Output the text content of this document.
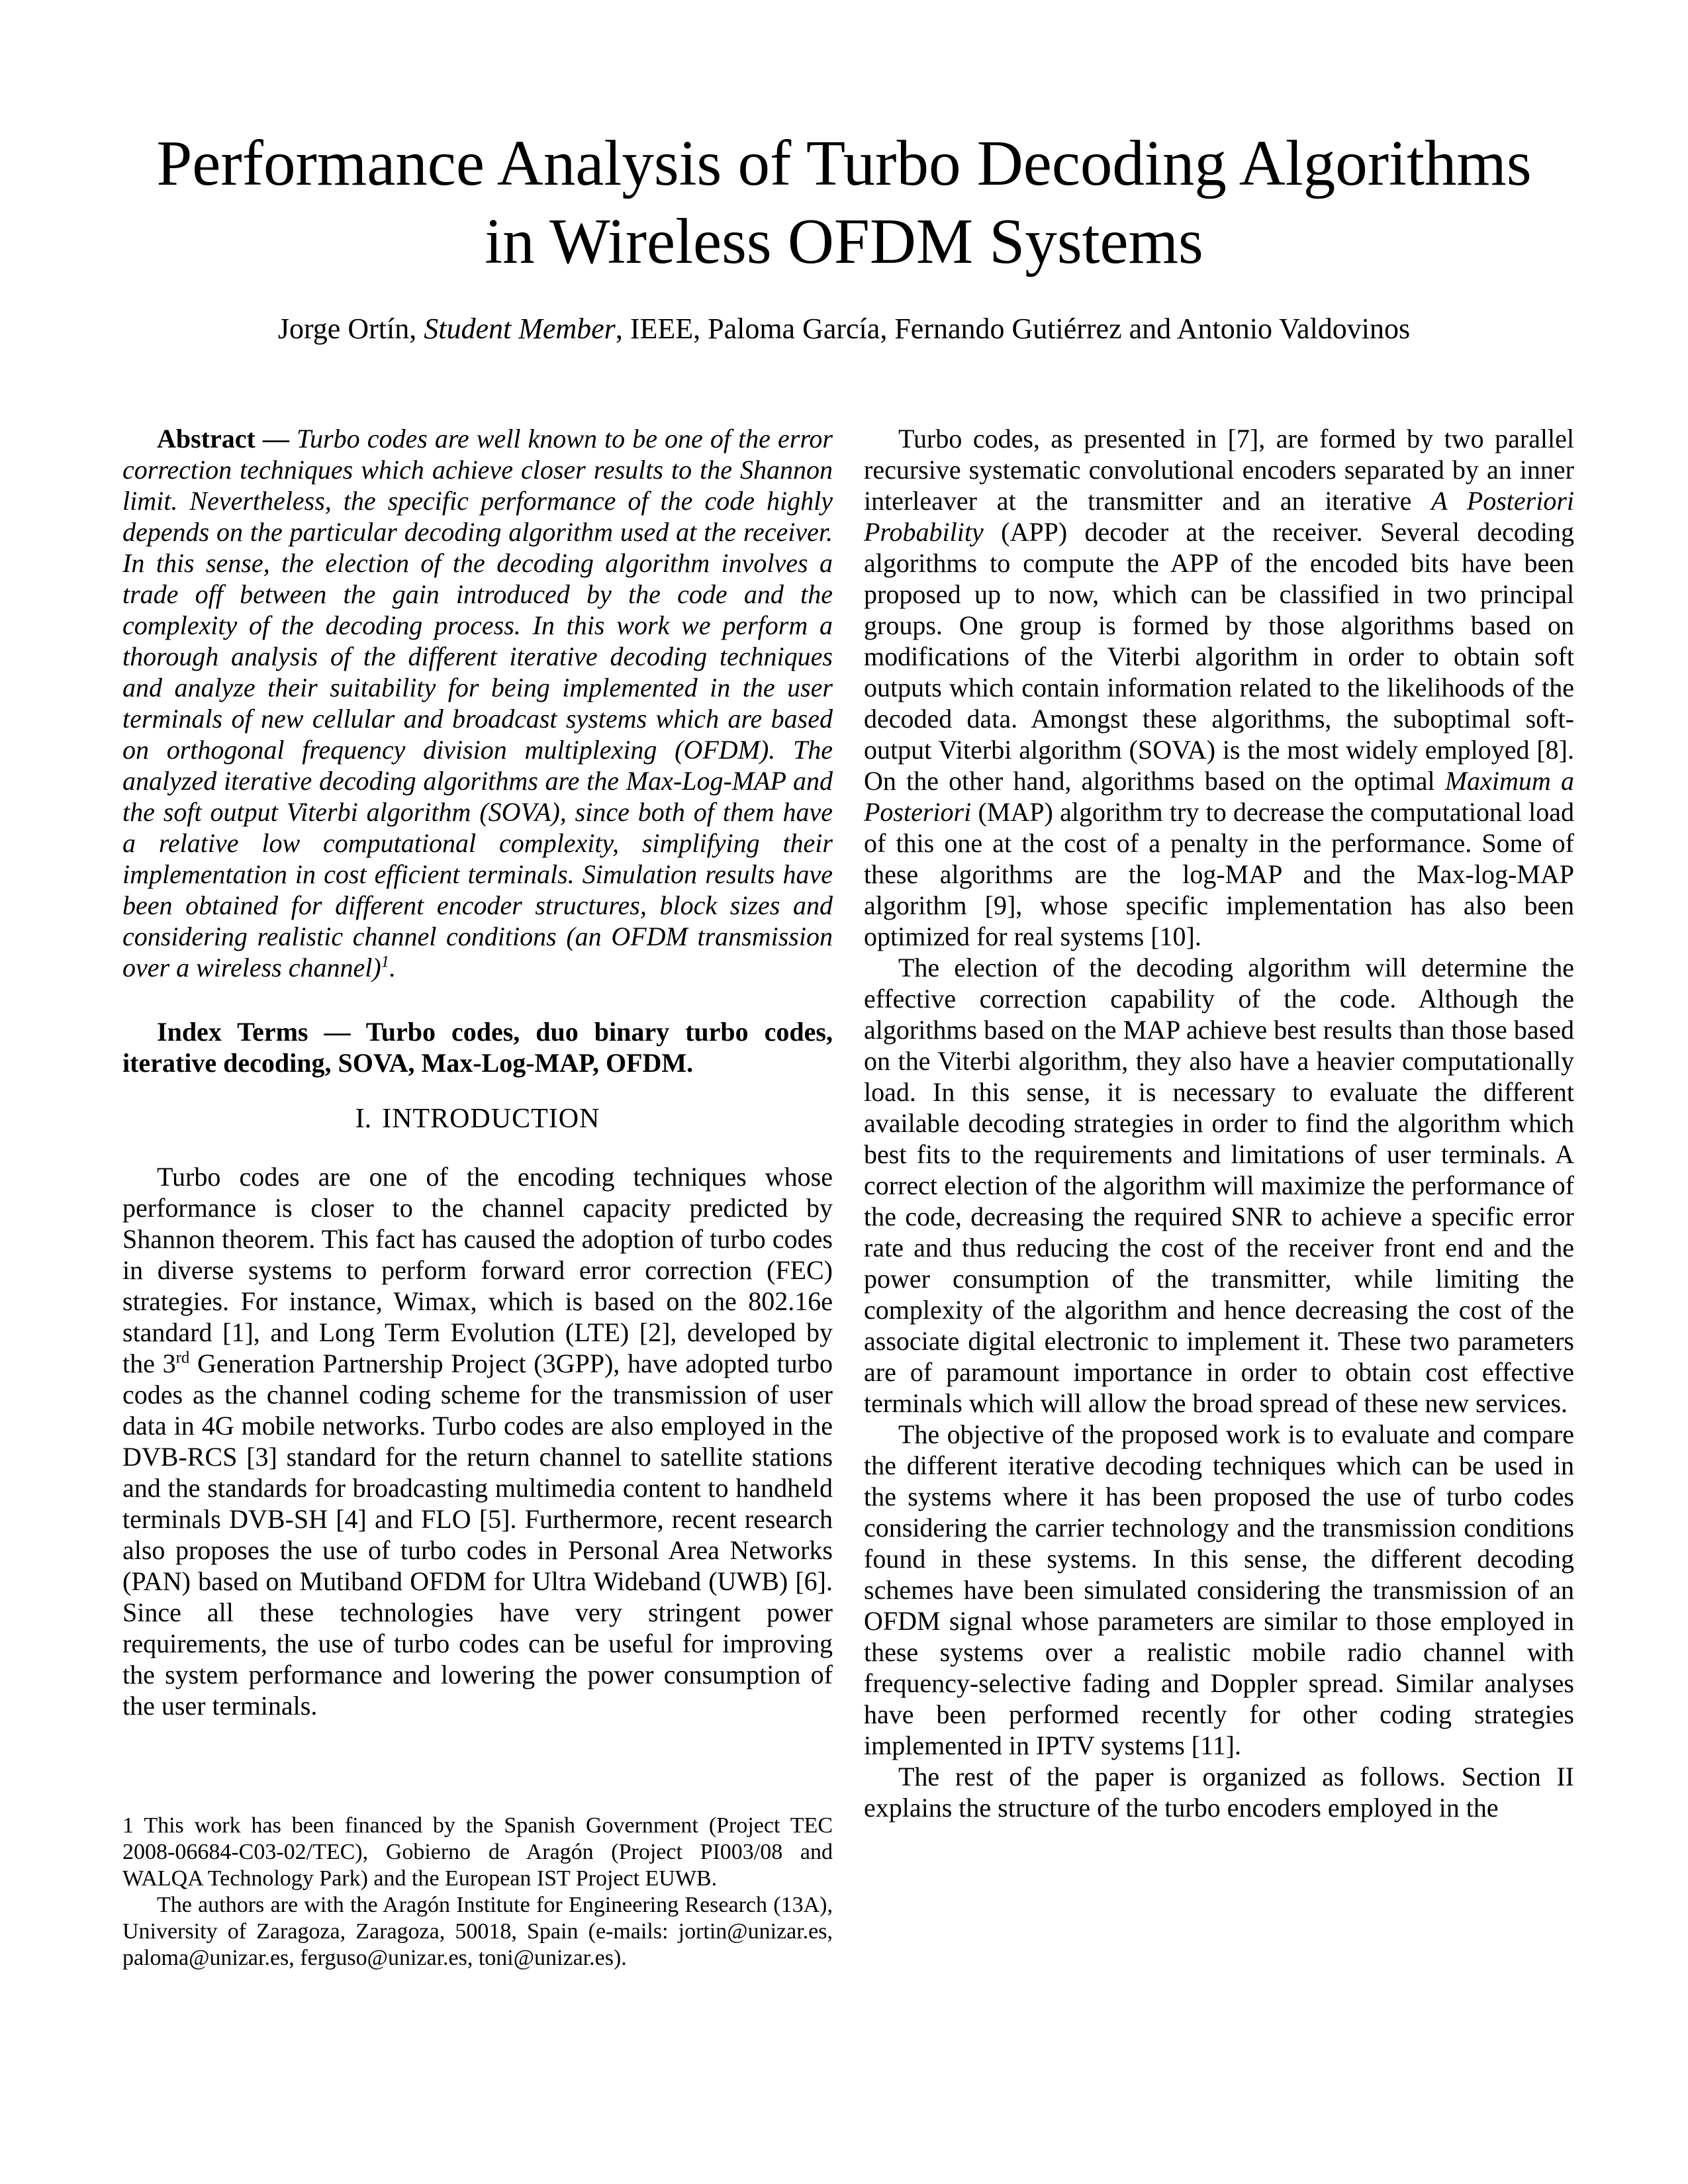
Performance Analysis of Turbo Decoding Algorithms
in Wireless OFDM Systems
Jorge Ortín, Student Member, IEEE, Paloma García, Fernando Gutiérrez and Antonio Valdovinos

Abstract — Turbo codes are well known to be one of the error correction techniques which achieve closer results to the Shannon limit. Nevertheless, the specific performance of the code highly depends on the particular decoding algorithm used at the receiver. In this sense, the election of the decoding algorithm involves a trade off between the gain introduced by the code and the complexity of the decoding process. In this work we perform a thorough analysis of the different iterative decoding techniques and analyze their suitability for being implemented in the user terminals of new cellular and broadcast systems which are based on orthogonal frequency division multiplexing (OFDM). The analyzed iterative decoding algorithms are the Max-Log-MAP and the soft output Viterbi algorithm (SOVA), since both of them have a relative low computational complexity, simplifying their implementation in cost efficient terminals. Simulation results have been obtained for different encoder structures, block sizes and considering realistic channel conditions (an OFDM transmission over a wireless channel)$^1$.

Index Terms — Turbo codes, duo binary turbo codes, iterative decoding, SOVA, Max-Log-MAP, OFDM.

I. INTRODUCTION

Turbo codes are one of the encoding techniques whose performance is closer to the channel capacity predicted by Shannon theorem. This fact has caused the adoption of turbo codes in diverse systems to perform forward error correction (FEC) strategies. For instance, Wimax, which is based on the 802.16e standard [1], and Long Term Evolution (LTE) [2], developed by the 3rd Generation Partnership Project (3GPP), have adopted turbo codes as the channel coding scheme for the transmission of user data in 4G mobile networks. Turbo codes are also employed in the DVB-RCS [3] standard for the return channel to satellite stations and the standards for broadcasting multimedia content to handheld terminals DVB-SH [4] and FLO [5]. Furthermore, recent research also proposes the use of turbo codes in Personal Area Networks (PAN) based on Mutiband OFDM for Ultra Wideband (UWB) [6]. Since all these technologies have very stringent power requirements, the use of turbo codes can be useful for improving the system performance and lowering the power consumption of the user terminals.

1 This work has been financed by the Spanish Government (Project TEC 2008-06684-C03-02/TEC), Gobierno de Aragón (Project PI003/08 and WALQA Technology Park) and the European IST Project EUWB.

The authors are with the Aragón Institute for Engineering Research (13A), University of Zaragoza, Zaragoza, 50018, Spain (e-mails: jortin@unizar.es, paloma@unizar.es, ferguso@unizar.es, toni@unizar.es).

Turbo codes, as presented in [7], are formed by two parallel recursive systematic convolutional encoders separated by an inner interleaver at the transmitter and an iterative A Posteriori Probability (APP) decoder at the receiver. Several decoding algorithms to compute the APP of the encoded bits have been proposed up to now, which can be classified in two principal groups. One group is formed by those algorithms based on modifications of the Viterbi algorithm in order to obtain soft outputs which contain information related to the likelihoods of the decoded data. Amongst these algorithms, the suboptimal soft-output Viterbi algorithm (SOVA) is the most widely employed [8]. On the other hand, algorithms based on the optimal Maximum a Posteriori (MAP) algorithm try to decrease the computational load of this one at the cost of a penalty in the performance. Some of these algorithms are the log-MAP and the Max-log-MAP algorithm [9], whose specific implementation has also been optimized for real systems [10].

The election of the decoding algorithm will determine the effective correction capability of the code. Although the algorithms based on the MAP achieve best results than those based on the Viterbi algorithm, they also have a heavier computationally load. In this sense, it is necessary to evaluate the different available decoding strategies in order to find the algorithm which best fits to the requirements and limitations of user terminals. A correct election of the algorithm will maximize the performance of the code, decreasing the required SNR to achieve a specific error rate and thus reducing the cost of the receiver front end and the power consumption of the transmitter, while limiting the complexity of the algorithm and hence decreasing the cost of the associate digital electronic to implement it. These two parameters are of paramount importance in order to obtain cost effective terminals which will allow the broad spread of these new services.

The objective of the proposed work is to evaluate and compare the different iterative decoding techniques which can be used in the systems where it has been proposed the use of turbo codes considering the carrier technology and the transmission conditions found in these systems. In this sense, the different decoding schemes have been simulated considering the transmission of an OFDM signal whose parameters are similar to those employed in these systems over a realistic mobile radio channel with frequency-selective fading and Doppler spread. Similar analyses have been performed recently for other coding strategies implemented in IPTV systems [11].

The rest of the paper is organized as follows. Section II explains the structure of the turbo encoders employed in the
